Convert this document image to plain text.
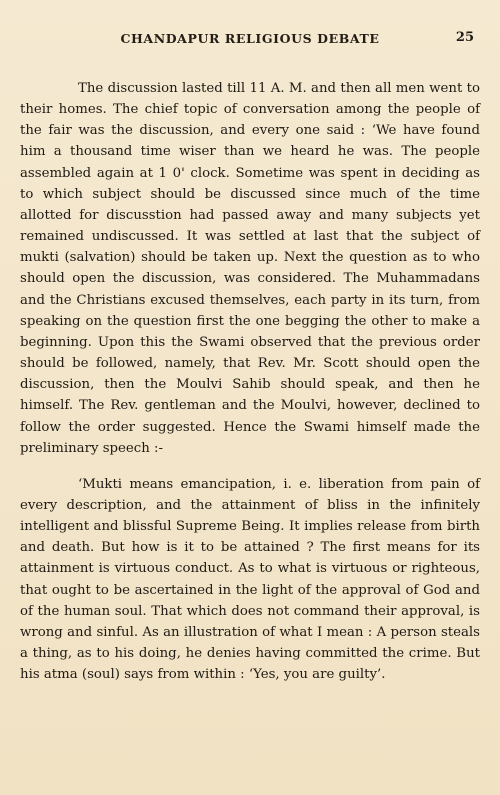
CHANDAPUR RELIGIOUS DEBATE	25

The discussion lasted till 11 A. M. and then all men went to their homes. The chief topic of conversation among the people of the fair was the discussion, and every one said : ‘We have found him a thousand time wiser than we heard he was. The people assembled again at 1 0' clock. Sometime was spent in deciding as to which subject should be discussed since much of the time allotted for discusstion had passed away and many subjects yet remained undiscussed. It was settled at last that the subject of mukti (salvation) should be taken up. Next the question as to who should open the discussion, was considered. The Muhammadans and the Christians excused themselves, each party in its turn, from speaking on the question first the one begging the other to make a beginning. Upon this the Swami observed that the previous order should be followed, namely, that Rev. Mr. Scott should open the discussion, then the Moulvi Sahib should speak, and then he himself. The Rev. gentleman and the Moulvi, however, declined to follow the order suggested. Hence the Swami himself made the preliminary speech :-

‘Mukti means emancipation, i. e. liberation from pain of every description, and the attainment of bliss in the infinitely intelligent and blissful Supreme Being. It implies release from birth and death. But how is it to be attained ? The first means for its attainment is virtuous conduct. As to what is virtuous or righteous, that ought to be ascertained in the light of the approval of God and of the human soul. That which does not command their approval, is wrong and sinful. As an illustration of what I mean : A person steals a thing, as to his doing, he denies having committed the crime. But his atma (soul) says from within : ‘Yes, you are guilty’.
